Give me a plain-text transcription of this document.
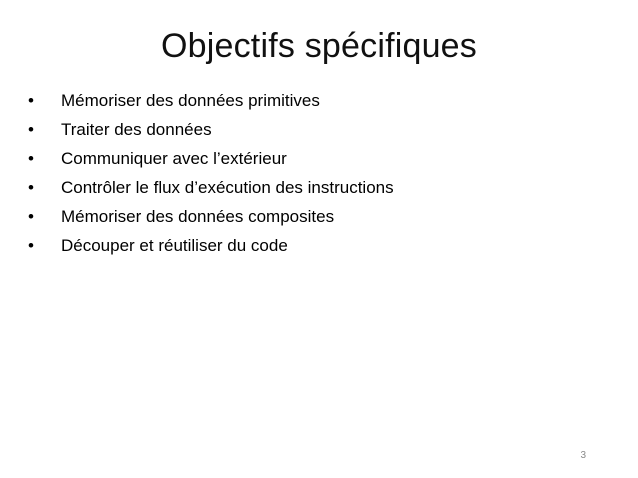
Objectifs spécifiques
• Mémoriser des données primitives
• Traiter des données
• Communiquer avec l’extérieur
• Contrôler le flux d’exécution des instructions
• Mémoriser des données composites
• Découper et réutiliser du code
3
